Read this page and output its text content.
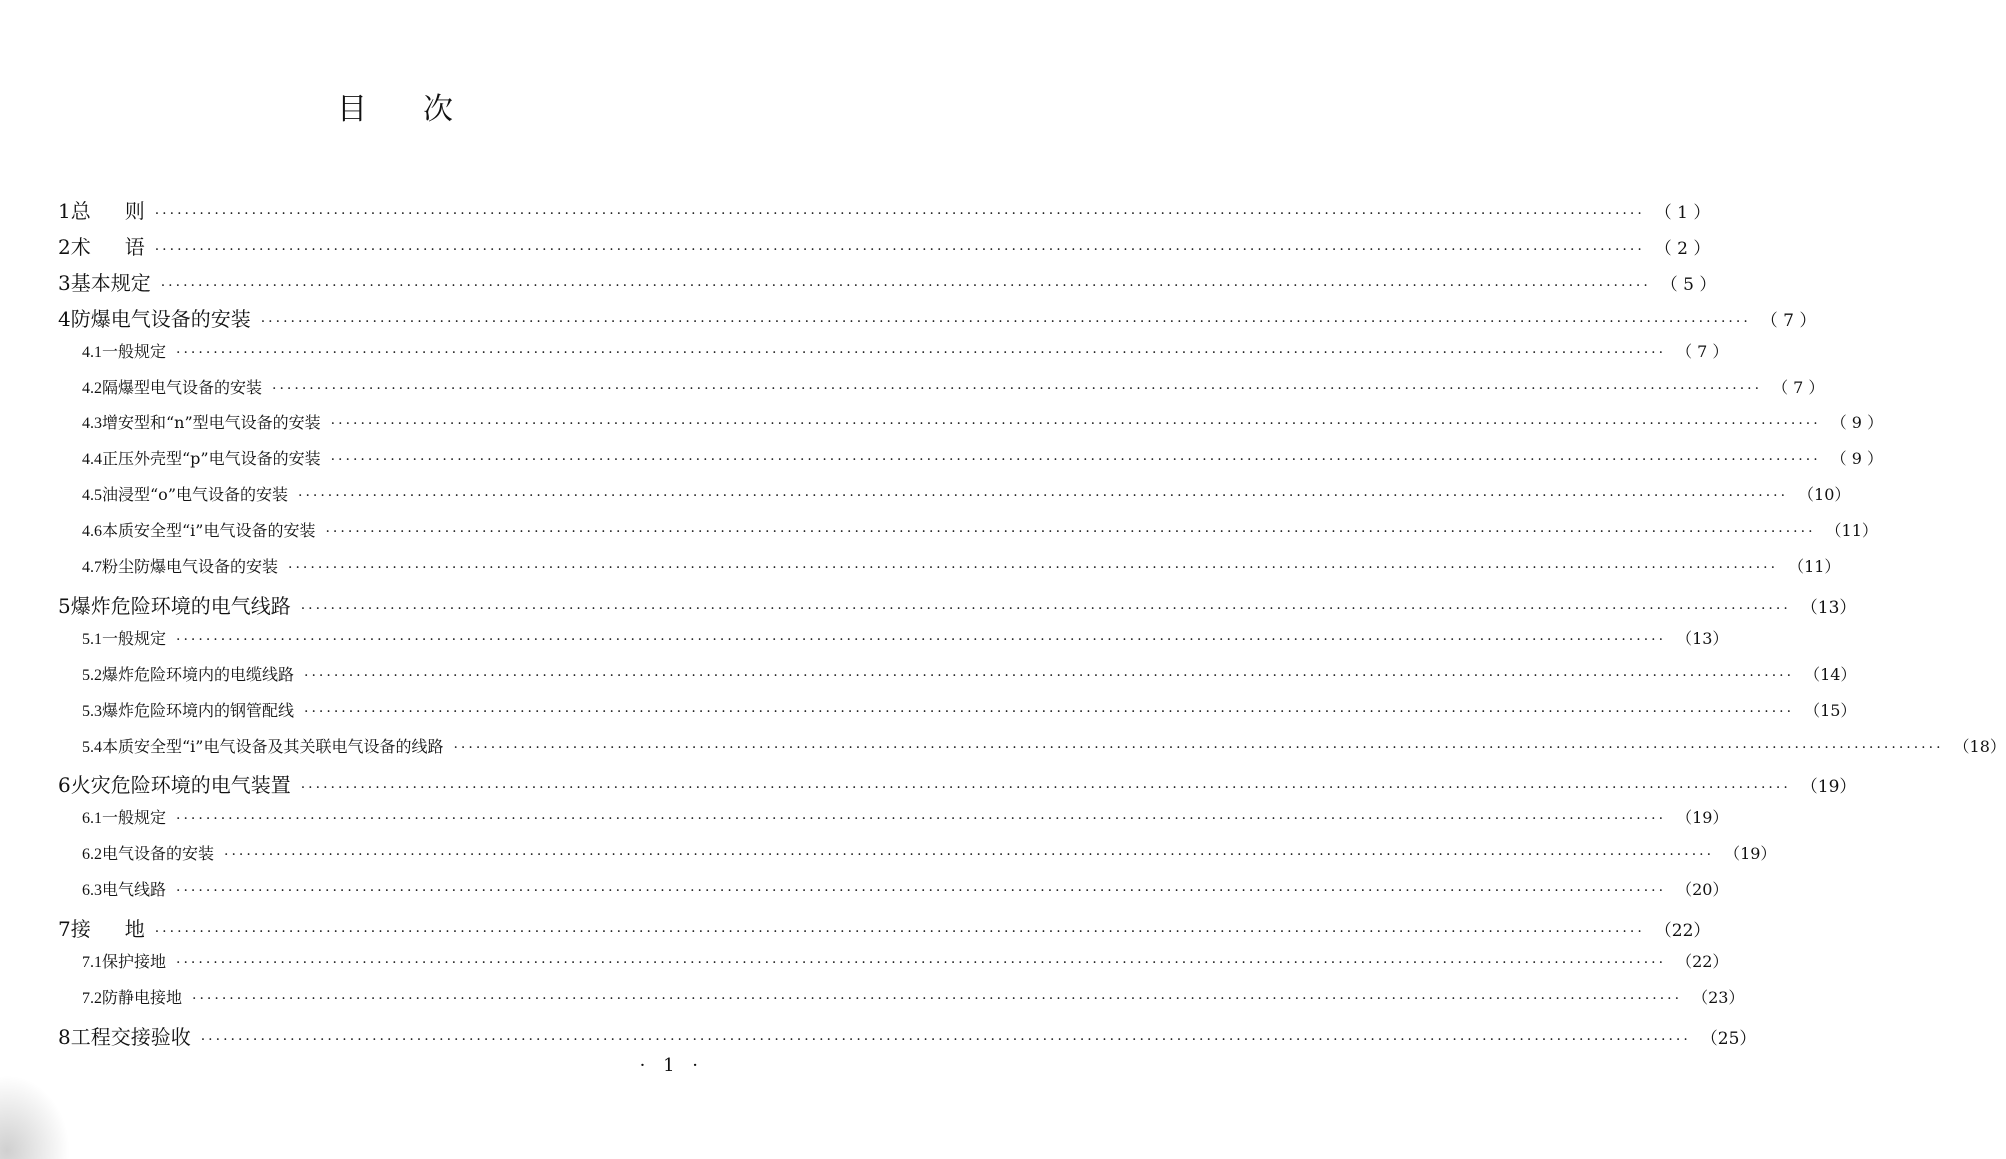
目次
1 总则 ········································································································································································································ （ 1 ）
2 术语 ········································································································································································································ （ 2 ）
3 基本规定 ········································································································································································································ （ 5 ）
4 防爆电气设备的安装 ········································································································································································································ （ 7 ）
4.1 一般规定 ········································································································································································································ （ 7 ）
4.2 隔爆型电气设备的安装 ········································································································································································································ （ 7 ）
4.3 增安型和“n”型电气设备的安装 ········································································································································································································ （ 9 ）
4.4 正压外壳型“p”电气设备的安装 ········································································································································································································ （ 9 ）
4.5 油浸型“o”电气设备的安装 ········································································································································································································ （10）
4.6 本质安全型“i”电气设备的安装 ········································································································································································································ （11）
4.7 粉尘防爆电气设备的安装 ········································································································································································································ （11）
5 爆炸危险环境的电气线路 ········································································································································································································ （13）
5.1 一般规定 ········································································································································································································ （13）
5.2 爆炸危险环境内的电缆线路 ········································································································································································································ （14）
5.3 爆炸危险环境内的钢管配线 ········································································································································································································ （15）
5.4 本质安全型“i”电气设备及其关联电气设备的线路 ········································································································································································································ （18）
6 火灾危险环境的电气装置 ········································································································································································································ （19）
6.1 一般规定 ········································································································································································································ （19）
6.2 电气设备的安装 ········································································································································································································ （19）
6.3 电气线路 ········································································································································································································ （20）
7 接地 ········································································································································································································ （22）
7.1 保护接地 ········································································································································································································ （22）
7.2 防静电接地 ········································································································································································································ （23）
8 工程交接验收 ········································································································································································································ （25）
· 1 ·
